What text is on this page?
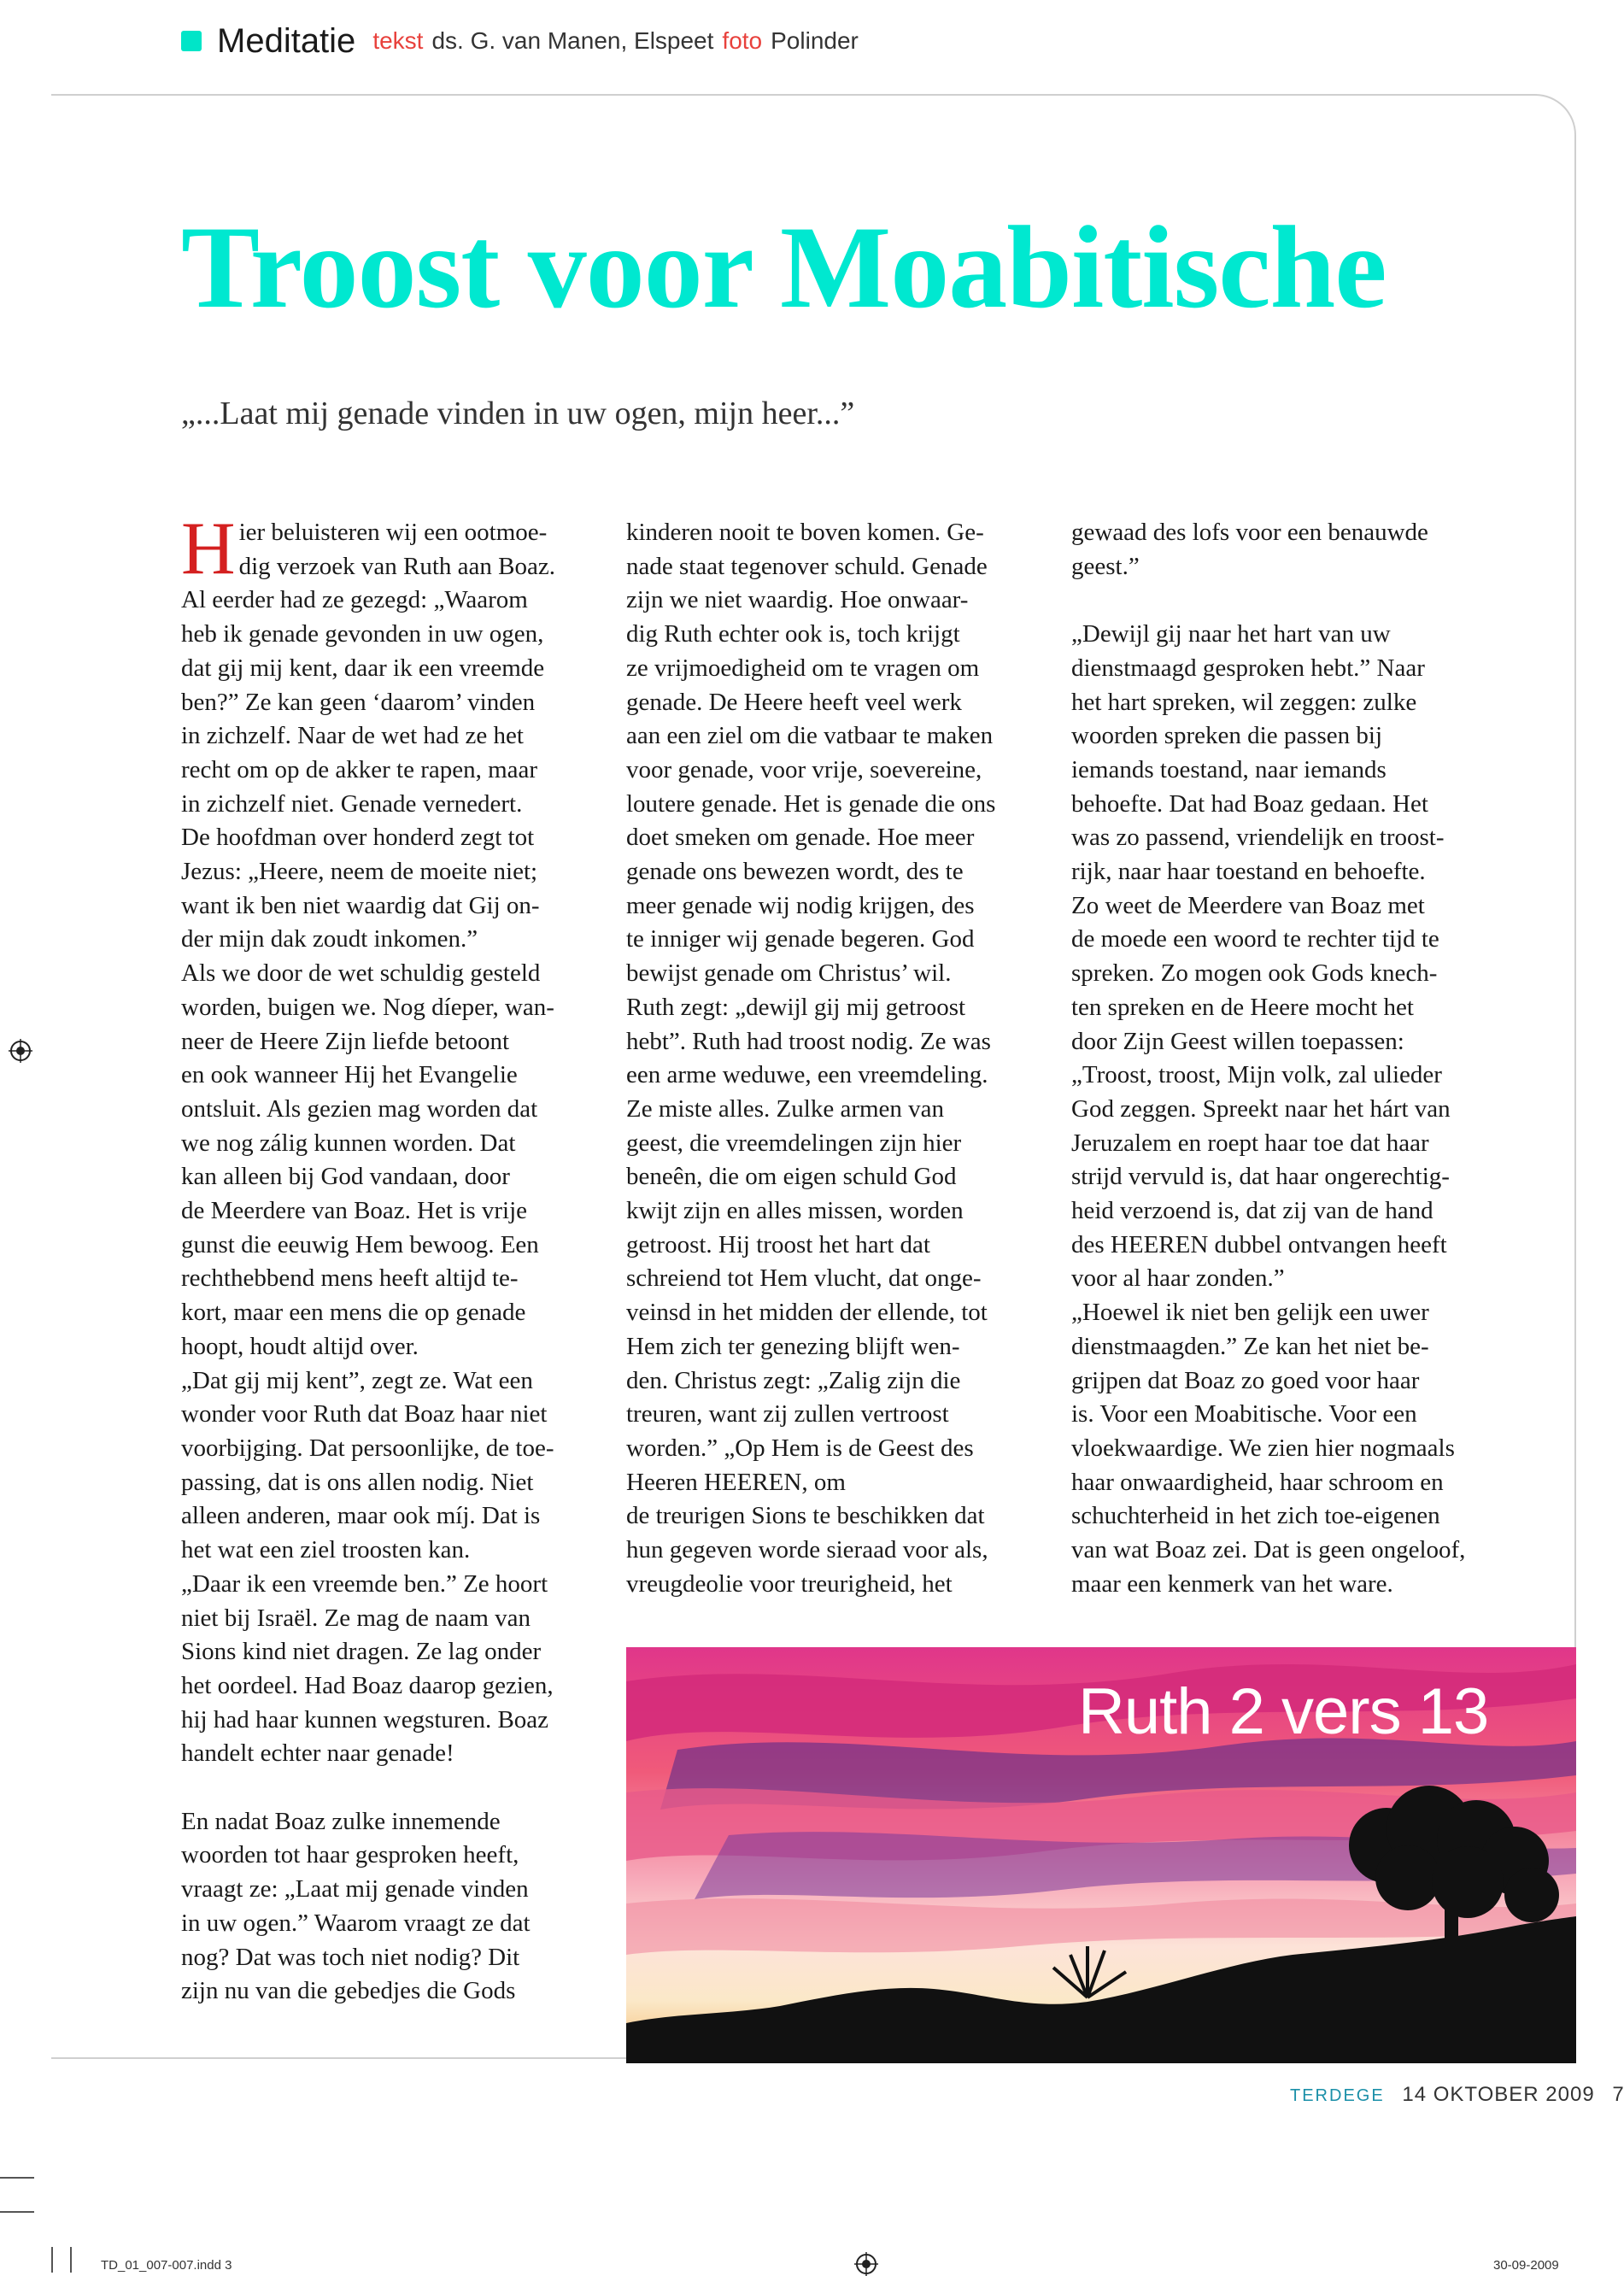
Meditatie tekst ds. G. van Manen, Elspeet foto Polinder
Troost voor Moabitische

„...Laat mij genade vinden in uw ogen, mijn heer...”

H ier beluisteren wij een ootmoe-

dig verzoek van Ruth aan Boaz.

Al eerder had ze gezegd: „Waarom

heb ik genade gevonden in uw ogen,

dat gij mij kent, daar ik een vreemde

ben?” Ze kan geen ‘daarom’ vinden

in zichzelf. Naar de wet had ze het

recht om op de akker te rapen, maar

in zichzelf niet. Genade vernedert.

De hoofdman over honderd zegt tot

Jezus: „Heere, neem de moeite niet;

want ik ben niet waardig dat Gij on-

der mijn dak zoudt inkomen.”

Als we door de wet schuldig gesteld

worden, buigen we. Nog díeper, wan-

neer de Heere Zijn liefde betoont

en ook wanneer Hij het Evangelie

ontsluit. Als gezien mag worden dat

we nog zálig kunnen worden. Dat

kan alleen bij God vandaan, door

de Meerdere van Boaz. Het is vrije

gunst die eeuwig Hem bewoog. Een

rechthebbend mens heeft altijd te-

kort, maar een mens die op genade

hoopt, houdt altijd over.

„Dat gij mij kent”, zegt ze. Wat een

wonder voor Ruth dat Boaz haar niet

voorbijging. Dat persoonlijke, de toe-

passing, dat is ons allen nodig. Niet

alleen anderen, maar ook míj. Dat is

het wat een ziel troosten kan.

„Daar ik een vreemde ben.” Ze hoort

niet bij Israël. Ze mag de naam van

Sions kind niet dragen. Ze lag onder

het oordeel. Had Boaz daarop gezien,

hij had haar kunnen wegsturen. Boaz

handelt echter naar genade!

En nadat Boaz zulke innemende

woorden tot haar gesproken heeft,

vraagt ze: „Laat mij genade vinden

in uw ogen.” Waarom vraagt ze dat

nog? Dat was toch niet nodig? Dit

zijn nu van die gebedjes die Gods

kinderen nooit te boven komen. Ge-

nade staat tegenover schuld. Genade

zijn we niet waardig. Hoe onwaar-

dig Ruth echter ook is, toch krijgt

ze vrijmoedigheid om te vragen om

genade. De Heere heeft veel werk

aan een ziel om die vatbaar te maken

voor genade, voor vrije, soevereine,

loutere genade. Het is genade die ons

doet smeken om genade. Hoe meer

genade ons bewezen wordt, des te

meer genade wij nodig krijgen, des

te inniger wij genade begeren. God

bewijst genade om Christus’ wil.

Ruth zegt: „dewijl gij mij getroost

hebt”. Ruth had troost nodig. Ze was

een arme weduwe, een vreemdeling.

Ze miste alles. Zulke armen van

geest, die vreemdelingen zijn hier

beneên, die om eigen schuld God

kwijt zijn en alles missen, worden

getroost. Hij troost het hart dat

schreiend tot Hem vlucht, dat onge-

veinsd in het midden der ellende, tot

Hem zich ter genezing blijft wen-

den. Christus zegt: „Zalig zijn die

treuren, want zij zullen vertroost

worden.” „Op Hem is de Geest des

Heeren HEEREN, om

de treurigen Sions te beschikken dat

hun gegeven worde sieraad voor als,

vreugdeolie voor treurigheid, het

gewaad des lofs voor een benauwde

geest.”

„Dewijl gij naar het hart van uw

dienstmaagd gesproken hebt.” Naar

het hart spreken, wil zeggen: zulke

woorden spreken die passen bij

iemands toestand, naar iemands

behoefte. Dat had Boaz gedaan. Het

was zo passend, vriendelijk en troost-

rijk, naar haar toestand en behoefte.

Zo weet de Meerdere van Boaz met

de moede een woord te rechter tijd te

spreken. Zo mogen ook Gods knech-

ten spreken en de Heere mocht het

door Zijn Geest willen toepassen:

„Troost, troost, Mijn volk, zal ulieder

God zeggen. Spreekt naar het hárt van

Jeruzalem en roept haar toe dat haar

strijd vervuld is, dat haar ongerechtig-

heid verzoend is, dat zij van de hand

des HEEREN dubbel ontvangen heeft

voor al haar zonden.”

„Hoewel ik niet ben gelijk een uwer

dienstmaagden.” Ze kan het niet be-

grijpen dat Boaz zo goed voor haar

is. Voor een Moabitische. Voor een

vloekwaardige. We zien hier nogmaals

haar onwaardigheid, haar schroom en

schuchterheid in het zich toe-eigenen

van wat Boaz zei. Dat is geen ongeloof,

maar een kenmerk van het ware.

Ruth 2 vers 13
TERDEGE 14 OKTOBER 2009 7
TD_01_007-007.indd 3	30-09-2009
